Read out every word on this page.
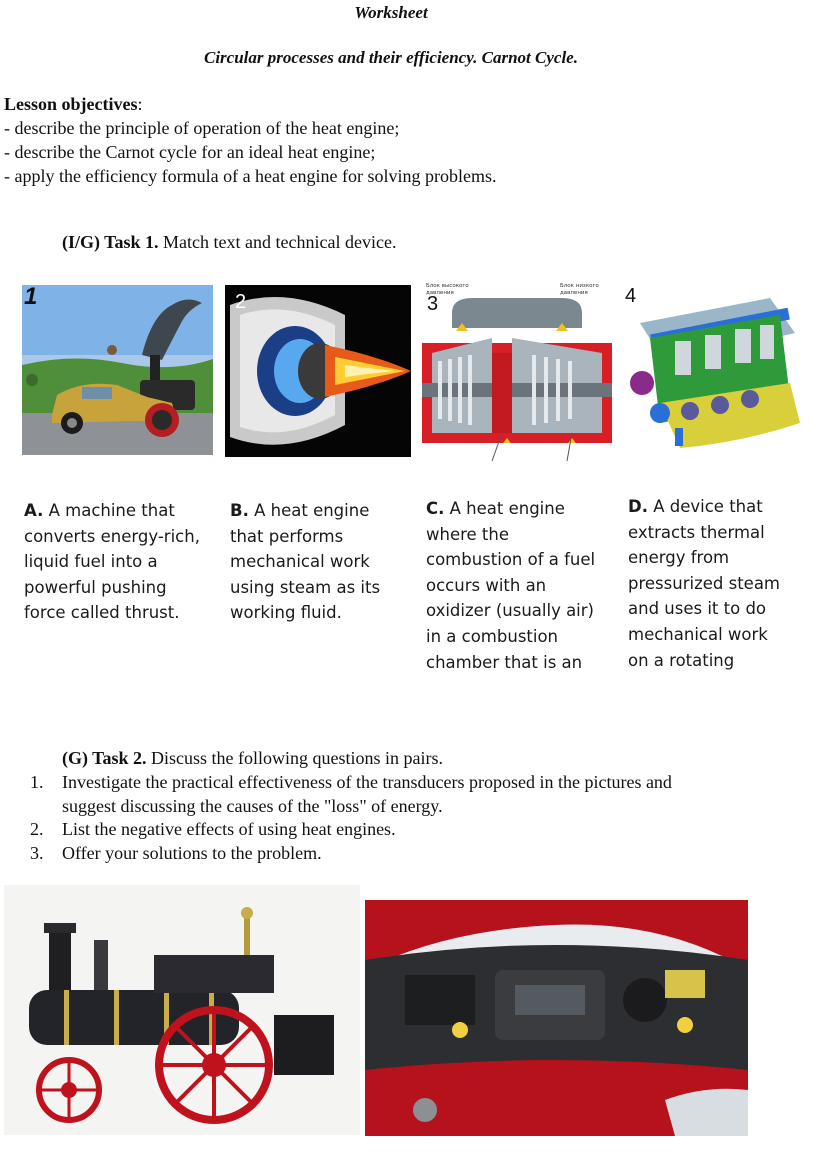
Worksheet
Circular processes and their efficiency. Carnot Cycle.
Lesson objectives:
- describe the principle of operation of the heat engine;
- describe the Carnot cycle for an ideal heat engine;
- apply the efficiency formula of a heat engine for solving problems.
(I/G) Task 1. Match text and technical device.
1	2
Блок высокого давления
Блок низкого давления
3	4
A. A machine that
converts energy-rich,
liquid fuel into a
powerful pushing
force called thrust.
B. A heat engine
that performs
mechanical work
using steam as its
working fluid.
C. A heat engine
where the
combustion of a fuel
occurs with an
oxidizer (usually air)
in a combustion
chamber that is an
D. A device that
extracts thermal
energy from
pressurized steam
and uses it to do
mechanical work
on a rotating
(G) Task 2. Discuss the following questions in pairs.
1. Investigate the practical effectiveness of the transducers proposed in the pictures and
suggest discussing the causes of the "loss" of energy.
2. List the negative effects of using heat engines.
3. Offer your solutions to the problem.
